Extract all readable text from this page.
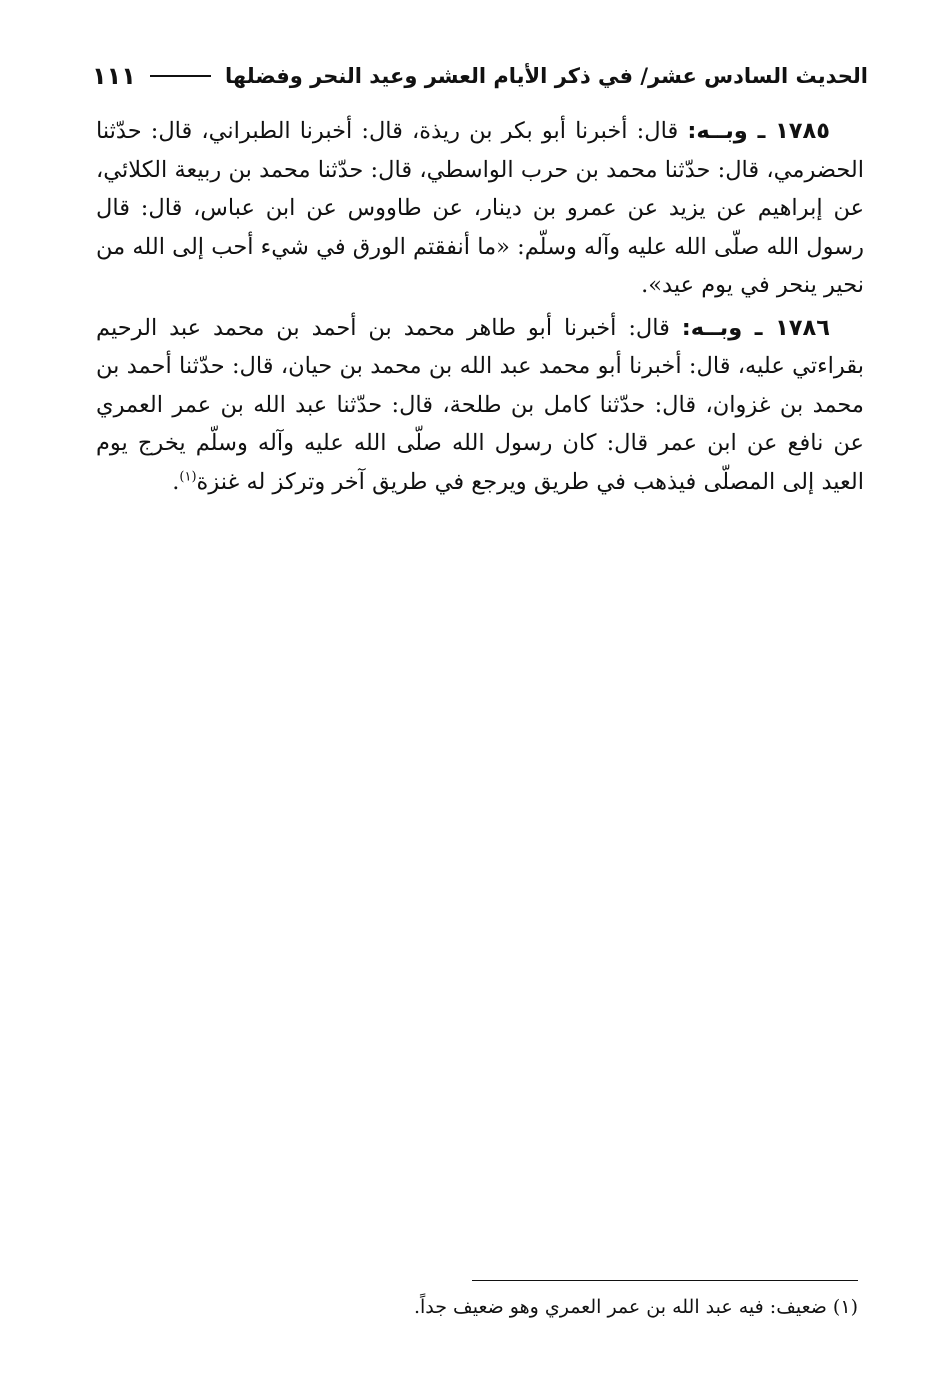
الحديث السادس عشر/ في ذكر الأيام العشر وعيد النحر وفضلها
١١١

١٧٨٥ ـ وبــه: قال: أخبرنا أبو بكر بن ريذة، قال: أخبرنا الطبراني، قال: حدّثنا الحضرمي، قال: حدّثنا محمد بن حرب الواسطي، قال: حدّثنا محمد بن ربيعة الكلائي، عن إبراهيم عن يزيد عن عمرو بن دينار، عن طاووس عن ابن عباس، قال: قال رسول الله صلّى الله عليه وآله وسلّم: «ما أنفقتم الورق في شيء أحب إلى الله من نحير ينحر في يوم عيد».

١٧٨٦ ـ وبــه: قال: أخبرنا أبو طاهر محمد بن أحمد بن محمد عبد الرحيم بقراءتي عليه، قال: أخبرنا أبو محمد عبد الله بن محمد بن حيان، قال: حدّثنا أحمد بن محمد بن غزوان، قال: حدّثنا كامل بن طلحة، قال: حدّثنا عبد الله بن عمر العمري عن نافع عن ابن عمر قال: كان رسول الله صلّى الله عليه وآله وسلّم يخرج يوم العيد إلى المصلّى فيذهب في طريق ويرجع في طريق آخر وتركز له غنزة$^{(١)}$.

(١) ضعيف: فيه عبد الله بن عمر العمري وهو ضعيف جداً.
